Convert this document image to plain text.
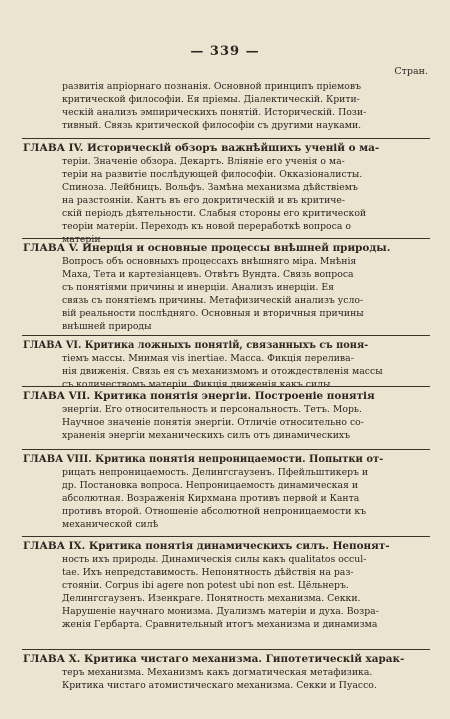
— 339 —
Стран.
развитія апріорнаго познанія. Основной принципъ пріемовъ
критической философіи. Ея пріемы. Діалектическій. Крити-
ческій анализъ эмпирическихъ понятій. Историческій. Пози-
тивный. Связь критической философіи съ другими науками.
ГЛАВА IV. Историческій обзоръ важнѣйшихъ ученій о ма-
теріи. Значеніе обзора. Декартъ. Вліяніе его ученія о ма-
теріи на развитіе послѣдующей философіи. Окказіоналисты.
Спиноза. Лейбницъ. Вольфъ. Замѣна механизма дѣйствіемъ
на разстояніи. Кантъ въ его докритическій и въ критиче-
скій періодъ дѣятельности. Слабыя стороны его критической
теоріи матеріи. Переходъ къ новой переработкѣ вопроса о
матеріи
ГЛАВА V. Инерція и основные процессы внѣшней природы.
Вопросъ объ основныхъ процессахъ внѣшняго міра. Мнѣнія
Маха, Тета и картезіанцевъ. Отвѣтъ Вундта. Связь вопроса
съ понятіями причины и инерціи. Анализъ инерціи. Ея
связь съ понятіемъ причины. Метафизическій анализъ усло-
вій реальности послѣдняго. Основныя и вторичныя причины
внѣшней природы
ГЛАВА VI. Критика ложныхъ понятій, связанныхъ съ поня-
тіемъ массы. Мнимая vis inertiae. Масса. Фикція перелива-
нія движенія. Связь ея съ механизмомъ и отождествленія массы
съ количествомъ матеріи. Фикція движенія какъ силы
ГЛАВА VII. Критика понятія энергіи. Построеніе понятія
энергіи. Его относительность и персональность. Тетъ. Морь.
Научное значеніе понятія энергіи. Отличіе относительно со-
храненія энергіи механическихъ силъ отъ динамическихъ
ГЛАВА VIII. Критика понятія непроницаемости. Попытки от-
рицать непроницаемость. Делингсгаузенъ. Пфейльштикеръ и
др. Постановка вопроса. Непроницаемость динамическая и
абсолютная. Возраженія Кирхмана противъ первой и Канта
противъ второй. Отношеніе абсолютной непроницаемости къ
механической силѣ
ГЛАВА IX. Критика понятія динамическихъ силъ. Непонят-
ность ихъ природы. Динамическія силы какъ qualitatos occul-
tae. Ихъ непредставимость. Непонятность дѣйствія на раз-
стояніи. Corpus ibi agere non potest ubi non est. Цёльнеръ.
Делингсгаузенъ. Изенкраге. Понятность механизма. Секки.
Нарушеніе научнаго монизма. Дуализмъ матеріи и духа. Возра-
женія Гербарта. Сравнительный итогъ механизма и динамизма
ГЛАВА X. Критика чистаго механизма. Гипотетическій харак-
теръ механизма. Механизмъ какъ догматическая метафизика.
Критика чистаго атомистическаго механизма. Секки и Пуассо.
